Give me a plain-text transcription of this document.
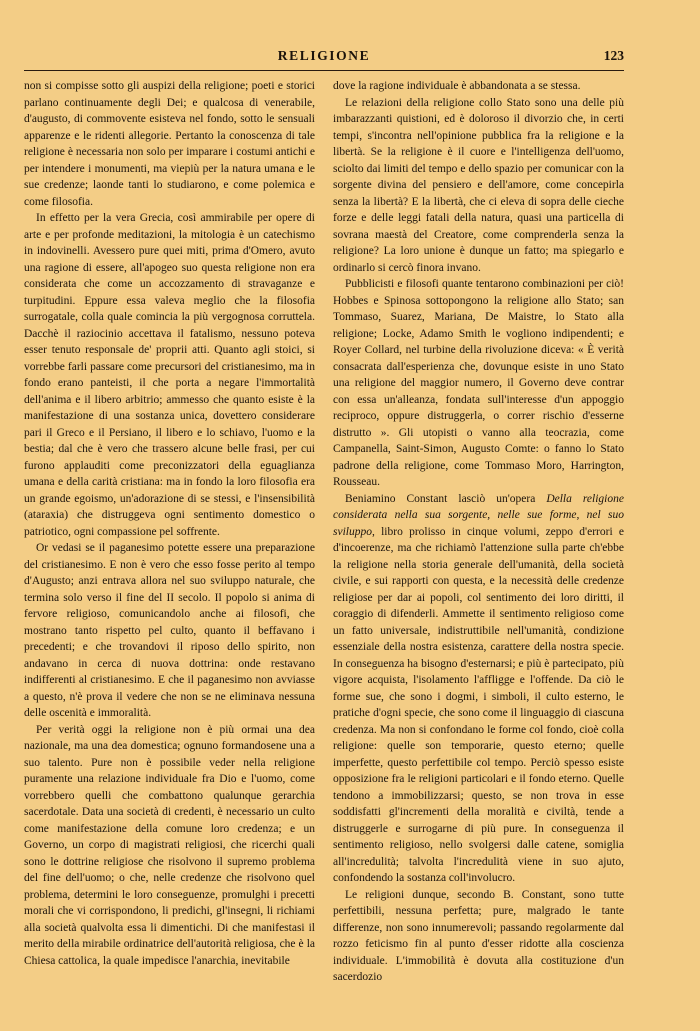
RELIGIONE	123

non si compisse sotto gli auspizi della religione; poeti e storici parlano continuamente degli Dei; e qualcosa di venerabile, d'augusto, di commovente esisteva nel fondo, sotto le sensuali apparenze e le ridenti allegorie. Pertanto la conoscenza di tale religione è necessaria non solo per imparare i costumi antichi e per intendere i monumenti, ma viepiù per la natura umana e le sue credenze; laonde tanti lo studiarono, e come polemica e come filosofia.

In effetto per la vera Grecia, così ammirabile per opere di arte e per profonde meditazioni, la mitologia è un catechismo in indovinelli. Avessero pure quei miti, prima d'Omero, avuto una ragione di essere, all'apogeo suo questa religione non era considerata che come un accozzamento di stravaganze e turpitudini. Eppure essa valeva meglio che la filosofia surrogatale, colla quale comincia la più vergognosa corruttela. Dacchè il raziocinio accettava il fatalismo, nessuno poteva esser tenuto responsale de' proprii atti. Quanto agli stoici, si vorrebbe farli passare come precursori del cristianesimo, ma in fondo erano panteisti, il che porta a negare l'immortalità dell'anima e il libero arbitrio; ammesso che quanto esiste è la manifestazione di una sostanza unica, dovettero considerare pari il Greco e il Persiano, il libero e lo schiavo, l'uomo e la bestia; dal che è vero che trassero alcune belle frasi, per cui furono applauditi come preconizzatori della eguaglianza umana e della carità cristiana: ma in fondo la loro filosofia era un grande egoismo, un'adorazione di se stessi, e l'insensibilità (ataraxia) che distruggeva ogni sentimento domestico o patriotico, ogni compassione pel soffrente.

Or vedasi se il paganesimo potette essere una preparazione del cristianesimo. E non è vero che esso fosse perito al tempo d'Augusto; anzi entrava allora nel suo sviluppo naturale, che termina solo verso il fine del II secolo. Il popolo si anima di fervore religioso, comunicandolo anche ai filosofi, che mostrano tanto rispetto pel culto, quanto il beffavano i precedenti; e che trovandovi il riposo dello spirito, non andavano in cerca di nuova dottrina: onde restavano indifferenti al cristianesimo. E che il paganesimo non avviasse a questo, n'è prova il vedere che non se ne eliminava nessuna delle oscenità e immoralità.

Per verità oggi la religione non è più ormai una dea nazionale, ma una dea domestica; ognuno formandosene una a suo talento. Pure non è possibile veder nella religione puramente una relazione individuale fra Dio e l'uomo, come vorrebbero quelli che combattono qualunque gerarchia sacerdotale. Data una società di credenti, è necessario un culto come manifestazione della comune loro credenza; e un Governo, un corpo di magistrati religiosi, che ricerchi quali sono le dottrine religiose che risolvono il supremo problema del fine dell'uomo; o che, nelle credenze che risolvono quel problema, determini le loro conseguenze, promulghi i precetti morali che vi corrispondono, li predichi, gl'insegni, li richiami alla società qualvolta essa li dimentichi. Di che manifestasi il merito della mirabile ordinatrice dell'autorità religiosa, che è la Chiesa cattolica, la quale impedisce l'anarchia, inevitabile

dove la ragione individuale è abbandonata a se stessa.

Le relazioni della religione collo Stato sono una delle più imbarazzanti quistioni, ed è doloroso il divorzio che, in certi tempi, s'incontra nell'opinione pubblica fra la religione e la libertà. Se la religione è il cuore e l'intelligenza dell'uomo, sciolto dai limiti del tempo e dello spazio per comunicar con la sorgente divina del pensiero e dell'amore, come concepirla senza la libertà? E la libertà, che ci eleva di sopra delle cieche forze e delle leggi fatali della natura, quasi una particella di sovrana maestà del Creatore, come comprenderla senza la religione? La loro unione è dunque un fatto; ma spiegarlo e ordinarlo si cercò finora invano.

Pubblicisti e filosofi quante tentarono combinazioni per ciò! Hobbes e Spinosa sottopongono la religione allo Stato; san Tommaso, Suarez, Mariana, De Maistre, lo Stato alla religione; Locke, Adamo Smith le vogliono indipendenti; e Royer Collard, nel turbine della rivoluzione diceva: « È verità consacrata dall'esperienza che, dovunque esiste in uno Stato una religione del maggior numero, il Governo deve contrar con essa un'alleanza, fondata sull'interesse d'un appoggio reciproco, oppure distruggerla, o correr rischio d'esserne distrutto ». Gli utopisti o vanno alla teocrazia, come Campanella, Saint-Simon, Augusto Comte: o fanno lo Stato padrone della religione, come Tommaso Moro, Harrington, Rousseau.

Beniamino Constant lasciò un'opera Della religione considerata nella sua sorgente, nelle sue forme, nel suo sviluppo, libro prolisso in cinque volumi, zeppo d'errori e d'incoerenze, ma che richiamò l'attenzione sulla parte ch'ebbe la religione nella storia generale dell'umanità, della società civile, e sui rapporti con questa, e la necessità delle credenze religiose per dar ai popoli, col sentimento dei loro diritti, il coraggio di difenderli. Ammette il sentimento religioso come un fatto universale, indistruttibile nell'umanità, condizione essenziale della nostra esistenza, carattere della nostra specie. In conseguenza ha bisogno d'esternarsi; e più è partecipato, più vigore acquista, l'isolamento l'affligge e l'offende. Da ciò le forme sue, che sono i dogmi, i simboli, il culto esterno, le pratiche d'ogni specie, che sono come il linguaggio di ciascuna credenza. Ma non si confondano le forme col fondo, cioè colla religione: quelle son temporarie, questo eterno; quelle imperfette, questo perfettibile col tempo. Perciò spesso esiste opposizione fra le religioni particolari e il fondo eterno. Quelle tendono a immobilizzarsi; questo, se non trova in esse soddisfatti gl'incrementi della moralità e civiltà, tende a distruggerle e surrogarne di più pure. In conseguenza il sentimento religioso, nello svolgersi dalle catene, somiglia all'incredulità; talvolta l'incredulità viene in suo ajuto, confondendo la sostanza coll'involucro.

Le religioni dunque, secondo B. Constant, sono tutte perfettibili, nessuna perfetta; pure, malgrado le tante differenze, non sono innumerevoli; passando regolarmente dal rozzo feticismo fin al punto d'esser ridotte alla coscienza individuale. L'immobilità è dovuta alla costituzione d'un sacerdozio
